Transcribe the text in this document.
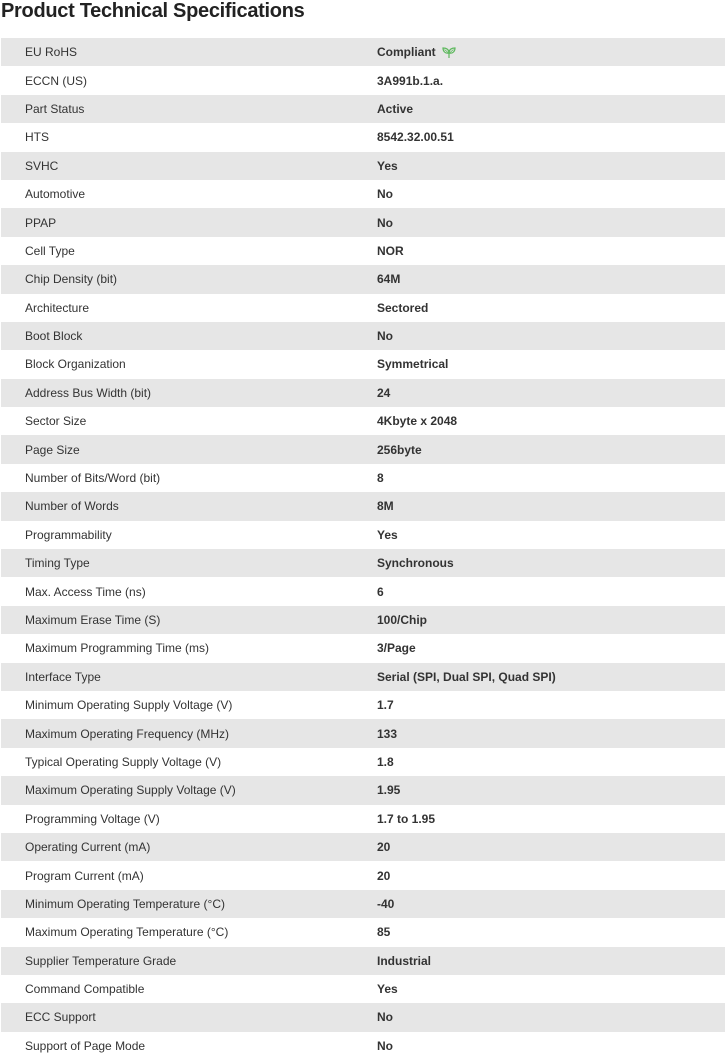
Product Technical Specifications
EU RoHS	Compliant
ECCN (US)	3A991b.1.a.
Part Status	Active
HTS	8542.32.00.51
SVHC	Yes
Automotive	No
PPAP	No
Cell Type	NOR
Chip Density (bit)	64M
Architecture	Sectored
Boot Block	No
Block Organization	Symmetrical
Address Bus Width (bit)	24
Sector Size	4Kbyte x 2048
Page Size	256byte
Number of Bits/Word (bit)	8
Number of Words	8M
Programmability	Yes
Timing Type	Synchronous
Max. Access Time (ns)	6
Maximum Erase Time (S)	100/Chip
Maximum Programming Time (ms)	3/Page
Interface Type	Serial (SPI, Dual SPI, Quad SPI)
Minimum Operating Supply Voltage (V)	1.7
Maximum Operating Frequency (MHz)	133
Typical Operating Supply Voltage (V)	1.8
Maximum Operating Supply Voltage (V)	1.95
Programming Voltage (V)	1.7 to 1.95
Operating Current (mA)	20
Program Current (mA)	20
Minimum Operating Temperature (°C)	-40
Maximum Operating Temperature (°C)	85
Supplier Temperature Grade	Industrial
Command Compatible	Yes
ECC Support	No
Support of Page Mode	No
